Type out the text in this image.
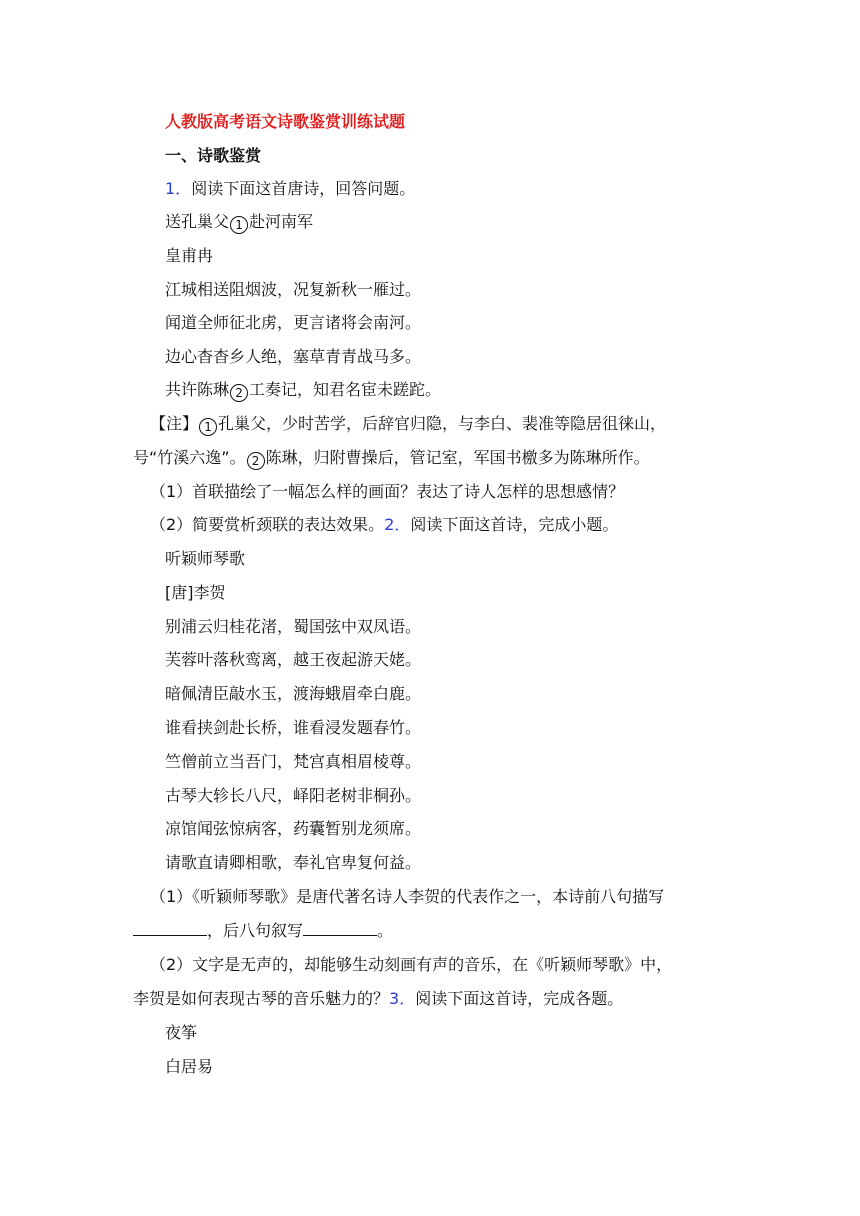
人教版高考语文诗歌鉴赏训练试题
一、诗歌鉴赏
1．阅读下面这首唐诗，回答问题。
送孔巢父 1 赴河南军
皇甫冉
江城相送阻烟波，况复新秋一雁过。
闻道全师征北虏，更言诸将会南河。
边心杳杳乡人绝，塞草青青战马多。
共许陈琳 2 工奏记，知君名宦未蹉跎。
【注】 1 孔巢父，少时苦学，后辞官归隐，与李白、裴准等隐居徂徕山，
号“竹溪六逸”。 2 陈琳，归附曹操后，管记室，军国书檄多为陈琳所作。
（1）首联描绘了一幅怎么样的画面？表达了诗人怎样的思想感情？
（2）简要赏析颈联的表达效果。2．阅读下面这首诗，完成小题。
听颖师琴歌
[唐]李贺
别浦云归桂花渚，蜀国弦中双凤语。
芙蓉叶落秋鸾离，越王夜起游天姥。
暗佩清臣敲水玉，渡海蛾眉牵白鹿。
谁看挟剑赴长桥，谁看浸发题春竹。
竺僧前立当吾门，梵宫真相眉棱尊。
古琴大轸长八尺，峄阳老树非桐孙。
凉馆闻弦惊病客，药囊暂别龙须席。
请歌直请卿相歌，奉礼官卑复何益。
（1）《听颖师琴歌》是唐代著名诗人李贺的代表作之一，本诗前八句描写
，后八句叙写	。
（2）文字是无声的，却能够生动刻画有声的音乐，在《听颖师琴歌》中，
李贺是如何表现古琴的音乐魅力的？3．阅读下面这首诗，完成各题。
夜筝
白居易
